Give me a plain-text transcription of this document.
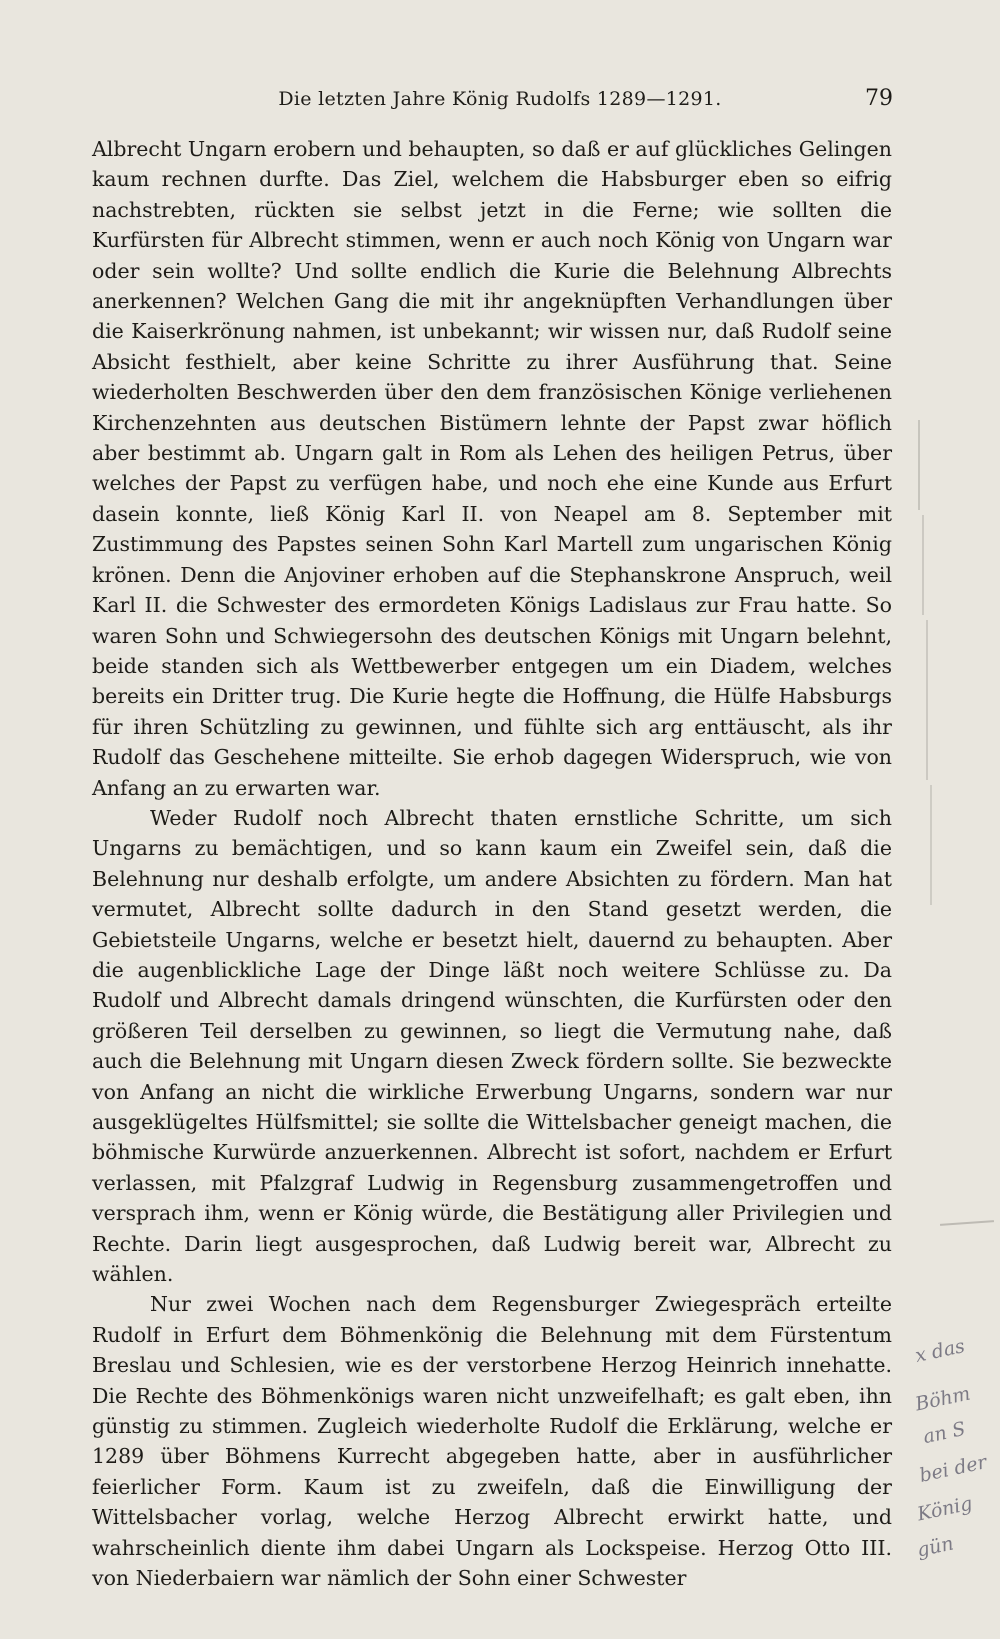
Die letzten Jahre König Rudolfs 1289—1291.	79

Albrecht Ungarn erobern und behaupten, so daß er auf glückliches Gelingen kaum rechnen durfte. Das Ziel, welchem die Habsburger eben so eifrig nachstrebten, rückten sie selbst jetzt in die Ferne; wie sollten die Kurfürsten für Albrecht stimmen, wenn er auch noch König von Ungarn war oder sein wollte? Und sollte endlich die Kurie die Belehnung Albrechts anerkennen? Welchen Gang die mit ihr angeknüpften Verhandlungen über die Kaiserkrönung nahmen, ist unbekannt; wir wissen nur, daß Rudolf seine Absicht festhielt, aber keine Schritte zu ihrer Ausführung that. Seine wiederholten Beschwerden über den dem französischen Könige verliehenen Kirchenzehnten aus deutschen Bistümern lehnte der Papst zwar höflich aber bestimmt ab. Ungarn galt in Rom als Lehen des heiligen Petrus, über welches der Papst zu verfügen habe, und noch ehe eine Kunde aus Erfurt dasein konnte, ließ König Karl II. von Neapel am 8. September mit Zustimmung des Papstes seinen Sohn Karl Martell zum ungarischen König krönen. Denn die Anjoviner erhoben auf die Stephanskrone Anspruch, weil Karl II. die Schwester des ermordeten Königs Ladislaus zur Frau hatte. So waren Sohn und Schwiegersohn des deutschen Königs mit Ungarn belehnt, beide standen sich als Wettbewerber entgegen um ein Diadem, welches bereits ein Dritter trug. Die Kurie hegte die Hoffnung, die Hülfe Habsburgs für ihren Schützling zu gewinnen, und fühlte sich arg enttäuscht, als ihr Rudolf das Geschehene mitteilte. Sie erhob dagegen Widerspruch, wie von Anfang an zu erwarten war.

Weder Rudolf noch Albrecht thaten ernstliche Schritte, um sich Ungarns zu bemächtigen, und so kann kaum ein Zweifel sein, daß die Belehnung nur deshalb erfolgte, um andere Absichten zu fördern. Man hat vermutet, Albrecht sollte dadurch in den Stand gesetzt werden, die Gebietsteile Ungarns, welche er besetzt hielt, dauernd zu behaupten. Aber die augenblickliche Lage der Dinge läßt noch weitere Schlüsse zu. Da Rudolf und Albrecht damals dringend wünschten, die Kurfürsten oder den größeren Teil derselben zu gewinnen, so liegt die Vermutung nahe, daß auch die Belehnung mit Ungarn diesen Zweck fördern sollte. Sie bezweckte von Anfang an nicht die wirkliche Erwerbung Ungarns, sondern war nur ausgeklügeltes Hülfsmittel; sie sollte die Wittelsbacher geneigt machen, die böhmische Kurwürde anzuerkennen. Albrecht ist sofort, nachdem er Erfurt verlassen, mit Pfalzgraf Ludwig in Regensburg zusammengetroffen und versprach ihm, wenn er König würde, die Bestätigung aller Privilegien und Rechte. Darin liegt ausgesprochen, daß Ludwig bereit war, Albrecht zu wählen.

Nur zwei Wochen nach dem Regensburger Zwiegespräch erteilte Rudolf in Erfurt dem Böhmenkönig die Belehnung mit dem Fürstentum Breslau und Schlesien, wie es der verstorbene Herzog Heinrich innehatte. Die Rechte des Böhmenkönigs waren nicht unzweifelhaft; es galt eben, ihn günstig zu stimmen. Zugleich wiederholte Rudolf die Erklärung, welche er 1289 über Böhmens Kurrecht abgegeben hatte, aber in ausführlicher feierlicher Form. Kaum ist zu zweifeln, daß die Einwilligung der Wittelsbacher vorlag, welche Herzog Albrecht erwirkt hatte, und wahrscheinlich diente ihm dabei Ungarn als Lockspeise. Herzog Otto III. von Niederbaiern war nämlich der Sohn einer Schwester

x das
Böhm
an S
bei der
König
gün
